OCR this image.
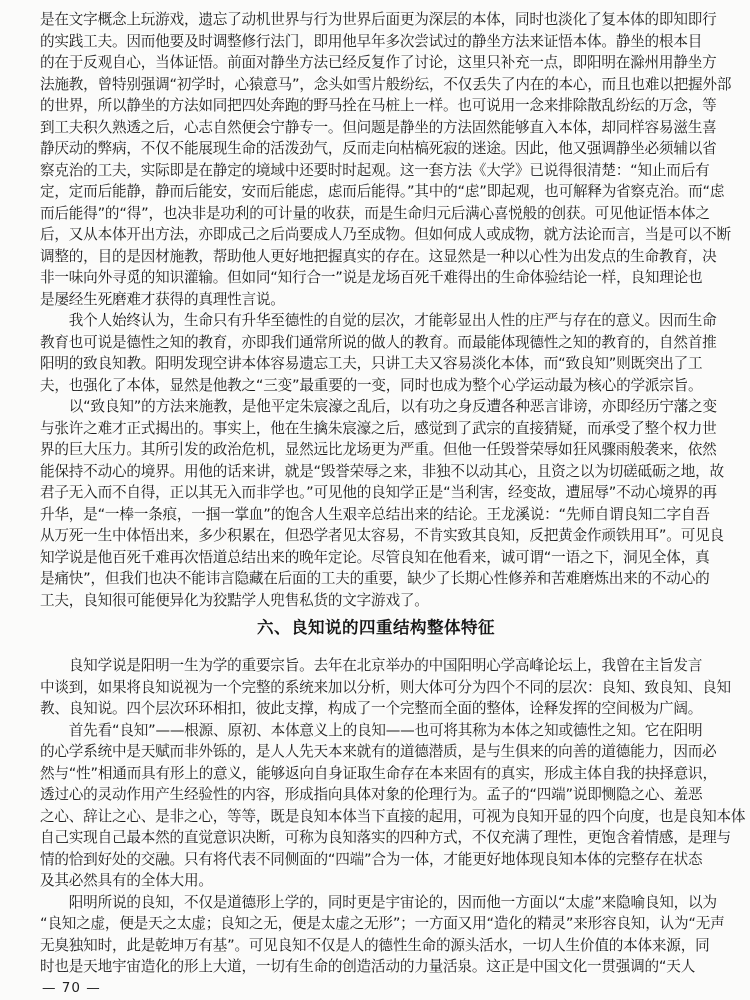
是在文字概念上玩游戏，遗忘了动机世界与行为世界后面更为深层的本体，同时也淡化了复本体的即知即行
的实践工夫。因而他要及时调整修行法门，即用他早年多次尝试过的静坐方法来证悟本体。静坐的根本目
的在于反观自心，当体证悟。前面对静坐方法已经反复作了讨论，这里只补充一点，即阳明在滁州用静坐方
法施教，曾特别强调“初学时，心猿意马”，念头如雪片般纷纭，不仅丢失了内在的本心，而且也难以把握外部
的世界，所以静坐的方法如同把四处奔跑的野马拴在马桩上一样。也可说用一念来排除散乱纷纭的万念，等
到工夫积久熟透之后，心志自然便会宁静专一。但问题是静坐的方法固然能够直入本体，却同样容易滋生喜
静厌动的弊病，不仅不能展现生命的活泼劲气，反而走向枯槁死寂的迷途。因此，他又强调静坐必须辅以省
察克治的工夫，实际即是在静定的境域中还要时时起观。这一套方法《大学》已说得很清楚：“知止而后有
定，定而后能静，静而后能安，安而后能虑，虑而后能得。”其中的“虑”即起观，也可解释为省察克治。而“虑
而后能得”的“得”，也决非是功利的可计量的收获，而是生命归元后满心喜悦般的创获。可见他证悟本体之
后，又从本体开出方法，亦即成己之后尚要成人乃至成物。但如何成人或成物，就方法论而言，当是可以不断
调整的，目的是因材施教，帮助他人更好地把握真实的存在。这显然是一种以心性为出发点的生命教育，决
非一味向外寻觅的知识灌输。但如同“知行合一”说是龙场百死千难得出的生命体验结论一样，良知理论也
是屡经生死磨难才获得的真理性言说。
　　我个人始终认为，生命只有升华至德性的自觉的层次，才能彰显出人性的庄严与存在的意义。因而生命
教育也可说是德性之知的教育，亦即我们通常所说的做人的教育。而最能体现德性之知的教育的，自然首推
阳明的致良知教。阳明发现空讲本体容易遗忘工夫，只讲工夫又容易淡化本体，而“致良知”则既突出了工
夫，也强化了本体，显然是他教之“三变”最重要的一变，同时也成为整个心学运动最为核心的学派宗旨。
　　以“致良知”的方法来施教，是他平定朱宸濠之乱后，以有功之身反遭各种恶言诽谤，亦即经历宁藩之变
与张许之难才正式揭出的。事实上，他在生擒朱宸濠之后，感觉到了武宗的直接猜疑，而承受了整个权力世
界的巨大压力。其所引发的政治危机，显然远比龙场更为严重。但他一任毁誉荣辱如狂风骤雨般袭来，依然
能保持不动心的境界。用他的话来讲，就是“毁誉荣辱之来，非独不以动其心，且资之以为切磋砥砺之地，故
君子无入而不自得，正以其无入而非学也。”可见他的良知学正是“当利害，经变故，遭屈辱”不动心境界的再
升华，是“一棒一条痕，一掴一掌血”的饱含人生艰辛总结出来的结论。王龙溪说：“先师自谓良知二字自吾
从万死一生中体悟出来，多少积累在，但恐学者见太容易，不肯实致其良知，反把黄金作顽铁用耳”。可见良
知学说是他百死千难再次悟道总结出来的晚年定论。尽管良知在他看来，诚可谓“一语之下，洞见全体，真
是痛快”，但我们也决不能讳言隐藏在后面的工夫的重要，缺少了长期心性修养和苦难磨炼出来的不动心的
工夫，良知很可能便异化为狡黠学人兜售私货的文字游戏了。
六、良知说的四重结构整体特征
　　良知学说是阳明一生为学的重要宗旨。去年在北京举办的中国阳明心学高峰论坛上，我曾在主旨发言
中谈到，如果将良知说视为一个完整的系统来加以分析，则大体可分为四个不同的层次：良知、致良知、良知
教、良知说。四个层次环环相扣，彼此支撑，构成了一个完整而全面的整体，诠释发挥的空间极为广阔。
　　首先看“良知”——根源、原初、本体意义上的良知——也可将其称为本体之知或德性之知。它在阳明
的心学系统中是天赋而非外铄的，是人人先天本来就有的道德潜质，是与生俱来的向善的道德能力，因而必
然与“性”相通而具有形上的意义，能够返向自身证取生命存在本来固有的真实，形成主体自我的抉择意识，
透过心的灵动作用产生经验性的内容，形成指向具体对象的伦理行为。孟子的“四端”说即恻隐之心、羞恶
之心、辞让之心、是非之心，等等，既是良知本体当下直接的起用，可视为良知开显的四个向度，也是良知本体
自己实现自己最本然的直觉意识决断，可称为良知落实的四种方式，不仅充满了理性，更饱含着情感，是理与
情的恰到好处的交融。只有将代表不同侧面的“四端”合为一体，才能更好地体现良知本体的完整存在状态
及其必然具有的全体大用。
　　阳明所说的良知，不仅是道德形上学的，同时更是宇宙论的，因而他一方面以“太虚”来隐喻良知，以为
“良知之虚，便是天之太虚；良知之无，便是太虚之无形”；一方面又用“造化的精灵”来形容良知，认为“无声
无臭独知时，此是乾坤万有基”。可见良知不仅是人的德性生命的源头活水，一切人生价值的本体来源，同
时也是天地宇宙造化的形上大道，一切有生命的创造活动的力量活泉。这正是中国文化一贯强调的“天人
— 70 —
